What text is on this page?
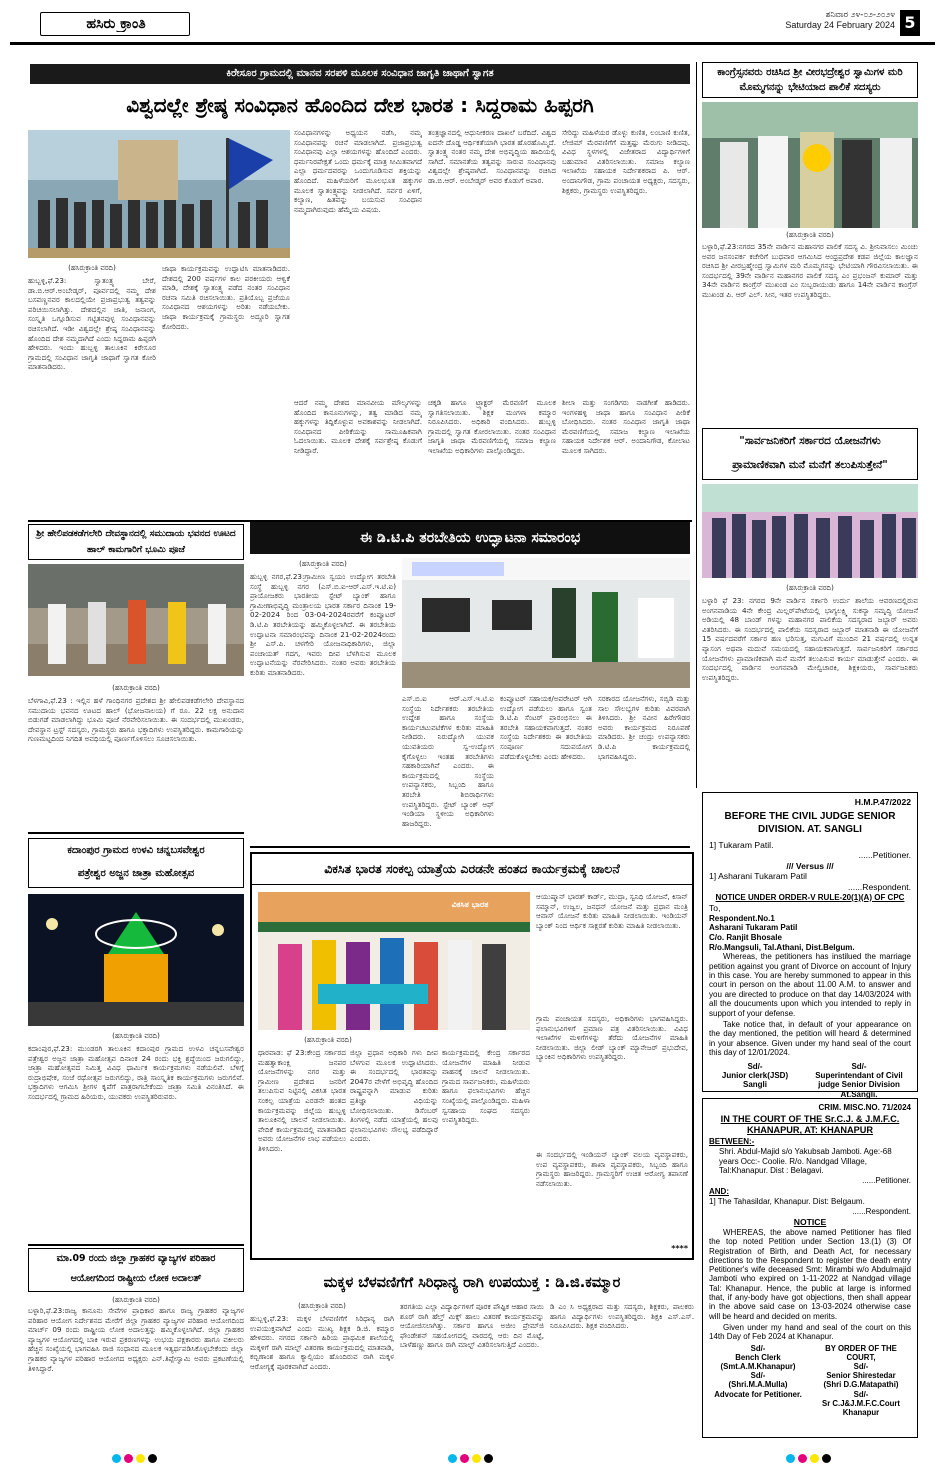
ಹಸಿರು ಕ್ರಾಂತಿ
ಶನಿವಾರ ೨೪-೦೨-೨೦೨೪
Saturday 24 February 2024 5
ಕಿರೇಸೂರ ಗ್ರಾಮದಲ್ಲಿ ಮಾನವ ಸರಪಳಿ ಮೂಲಕ ಸಂವಿಧಾನ ಜಾಗೃತಿ ಜಾಥಾಗೆ ಸ್ವಾಗತ
ವಿಶ್ವದಲ್ಲೇ ಶ್ರೇಷ್ಠ ಸಂವಿಧಾನ ಹೊಂದಿದ ದೇಶ ಭಾರತ : ಸಿದ್ದರಾಮ ಹಿಪ್ಪರಗಿ
ಸಂವಿಧಾನಗಳನ್ನು ಅಧ್ಯಯನ ನಡೆಸಿ, ನಮ್ಮ ಸಂವಿಧಾನವನ್ನು ರಚನೆ ಮಾಡಲಾಗಿದೆ. ಪ್ರಜಾಪ್ರಭುತ್ವ ಸಂವಿಧಾನವು ಎಲ್ಲಾ ಆಶಯಗಳನ್ನು ಹೊಂದಿದೆ ಎಂದರು. ಧರ್ಮನಿರಪೇಕ್ಷತೆ ಒಂದು ಧರ್ಮಕ್ಕೆ ಮಾತ್ರ ಸೀಮಿತವಾಗದೆ ಎಲ್ಲಾ ಧರ್ಮದವರನ್ನು ಒಂದುಗೂಡಿಸುವ ಶಕ್ತಿಯನ್ನು ಹೊಂದಿದೆ. ಮಹಿಳೆಯರಿಗೆ ಮೂಲಭೂತ ಹಕ್ಕುಗಳ ಮೂಲಕ ಸ್ವಾತಂತ್ರ್ಯವನ್ನು ನೀಡಲಾಗಿದೆ. ಸರ್ವರ ಏಳಿಗೆ, ಕಲ್ಯಾಣ, ಹಿತವನ್ನು ಬಯಸುವ ಸಂವಿಧಾನ ನಮ್ಮದಾಗಿರುವುದು ಹೆಮ್ಮೆಯ ವಿಷಯ.
ತಂತ್ರಜ್ಞಾನದಲ್ಲಿ ಆಧುನೀಕರಣ ದಾಖಲೆ ಬರೆದಿದೆ. ವಿಶ್ವದ ಐದನೇ ದೊಡ್ಡ ಆರ್ಥಿಕತೆಯಾಗಿ ಭಾರತ ಹೊರಹೊಮ್ಮಿದೆ. ಸ್ವಾತಂತ್ರ್ಯ ನಂತರ ನಮ್ಮ ದೇಶ ಅಭಿವೃದ್ಧಿಯ ಹಾದಿಯಲ್ಲಿ ಸಾಗಿದೆ. ಸಮಾನತೆಯ ತತ್ವವನ್ನು ಸಾರುವ ಸಂವಿಧಾನವು ವಿಶ್ವದಲ್ಲೇ ಶ್ರೇಷ್ಠವಾಗಿದೆ. ಸಂವಿಧಾನವನ್ನು ರಚಿಸಿದ ಡಾ.ಬಿ.ಆರ್. ಅಂಬೇಡ್ಕರ್ ಅವರ ಕೊಡುಗೆ ಅಪಾರ.
ಸೇರಿದ್ದು ಮಹಿಳೆಯರ ಡೊಳ್ಳು ಕುಣಿತ, ಲಂಬಾಣಿ ಕುಣಿತ, ಲೇಜಿಮ್ ಮೆರವಣಿಗೆಗೆ ಮತ್ತಷ್ಟು ಮೆರುಗು ನೀಡಿದವು. ವಿವಿಧ ಸ್ಥಳಗಳಲ್ಲಿ ವಿಜೇತರಾದ ವಿದ್ಯಾರ್ಥಿಗಳಿಗೆ ಬಹುಮಾನ ವಿತರಿಸಲಾಯಿತು. ಸಮಾಜ ಕಲ್ಯಾಣ ಇಲಾಖೆಯ ಸಹಾಯಕ ನಿರ್ದೇಶಕರಾದ ಪಿ. ಆರ್. ಅಂದಾನಿಗೌಡ, ಗ್ರಾಮ ಪಂಚಾಯತ ಅಧ್ಯಕ್ಷರು, ಸದಸ್ಯರು, ಶಿಕ್ಷಕರು, ಗ್ರಾಮಸ್ಥರು ಉಪಸ್ಥಿತರಿದ್ದರು.
(ಹಸಿರುಕ್ರಾಂತಿ ವರದಿ)
ಹುಬ್ಬಳ್ಳಿ,ಫೆ.23: ಸ್ವಾತಂತ್ರ್ಯ ಬೇರೆ, ಡಾ.ಬಿ.ಆರ್.ಅಂಬೇಡ್ಕರ್, ಪೂರ್ವದಲ್ಲಿ ನಮ್ಮ ದೇಶ ಬಸವಣ್ಣನವರ ಕಾಲದಲ್ಲಿಯೇ ಪ್ರಜಾಪ್ರಭುತ್ವ ತತ್ವವನ್ನು ಪರಿಚಯಿಸಲಾಗಿತ್ತು. ದೇಶದಲ್ಲಿನ ಜಾತಿ, ಜನಾಂಗ, ಸಂಸ್ಕೃತಿ ಒಗ್ಗೂಡಿಸುವ ಗಟ್ಟಿತನವುಳ್ಳ ಸಂವಿಧಾನವನ್ನು ರಚಿಸಲಾಗಿದೆ. ಇಡೀ ವಿಶ್ವದಲ್ಲೇ ಶ್ರೇಷ್ಠ ಸಂವಿಧಾನವನ್ನು ಹೊಂದಿದ ದೇಶ ನಮ್ಮದಾಗಿದೆ ಎಂದು ಸಿದ್ದರಾಮ ಹಿಪ್ಪರಗಿ ಹೇಳಿದರು. ಇಂದು ಹುಬ್ಬಳ್ಳಿ ತಾಲೂಕಿನ ಕಿರೇಸೂರ ಗ್ರಾಮದಲ್ಲಿ ಸಂವಿಧಾನ ಜಾಗೃತಿ ಜಾಥಾಗೆ ಸ್ವಾಗತ ಕೋರಿ ಮಾತನಾಡಿದರು.
ಜಾಥಾ ಕಾರ್ಯಕ್ರಮವನ್ನು ಉದ್ಘಾಟಿಸಿ ಮಾತನಾಡಿದರು. ದೇಶದಲ್ಲಿ 200 ವರ್ಷಗಳ ಕಾಲ ಪರಕೀಯರು ಆಳ್ವಿಕೆ ಮಾಡಿ, ದೇಶಕ್ಕೆ ಸ್ವಾತಂತ್ರ್ಯ ಪಡೆದ ನಂತರ ಸಂವಿಧಾನ ರಚನಾ ಸಮಿತಿ ರಚಿಸಲಾಯಿತು. ಪ್ರತಿಯೊಬ್ಬ ಪ್ರಜೆಯೂ ಸಂವಿಧಾನದ ಆಶಯಗಳನ್ನು ಅರಿತು ನಡೆಯಬೇಕು. ಜಾಥಾ ಕಾರ್ಯಕ್ರಮಕ್ಕೆ ಗ್ರಾಮಸ್ಥರು ಅದ್ದೂರಿ ಸ್ವಾಗತ ಕೋರಿದರು.
ಆದರೆ ನಮ್ಮ ದೇಶದ ಮಾನವೀಯ ಮೌಲ್ಯಗಳನ್ನು ಹೊಂದಿದ ಕಾನೂನುಗಳನ್ನು, ತತ್ವ ಮಾಡಿದ ನಮ್ಮ ಹಕ್ಕುಗಳನ್ನು ತಿದ್ದಿಕೊಳ್ಳುವ ಅವಕಾಶವನ್ನು ನೀಡಲಾಗಿದೆ. ಸಂವಿಧಾನದ ಪೀಠಿಕೆಯನ್ನು ಸಾಮೂಹಿಕವಾಗಿ ಓದಲಾಯಿತು. ಮೂಲಕ ದೇಶಕ್ಕೆ ಸರ್ವಶ್ರೇಷ್ಠ ಕೊಡುಗೆ ನೀಡಿದ್ದಾರೆ.
ಚಕ್ಕಡಿ ಹಾಗೂ ಟ್ರ್ಯಾಕ್ಟರ್ ಮೆರವಣಿಗೆ ಮೂಲಕ ಸ್ವಾಗತಿಸಲಾಯಿತು. ಶಿಕ್ಷಕ ಮಂಗಳಾ ಕಮ್ಮಾರ ನಿರೂಪಿಸಿದರು. ಅಧಿಕಾರಿ ವಂದಿಸಿದರು. ಹುಬ್ಬಳ್ಳಿ ಗ್ರಾಮದಲ್ಲಿ ಸ್ವಾಗತ ಕೋರಲಾಯಿತು. ನಂತರ ಸಂವಿಧಾನ ಜಾಗೃತಿ ಜಾಥಾ ಮೆರವಣಿಗೆಯಲ್ಲಿ ಸಮಾಜ ಕಲ್ಯಾಣ ಇಲಾಖೆಯ ಅಧಿಕಾರಿಗಳು ಪಾಲ್ಗೊಂಡಿದ್ದರು.
ಶೀಲಾ ಮತ್ತು ಸಂಗಡಿಗರು ನಾಡಗೀತೆ ಹಾಡಿದರು. ಇಂಗಳಹಳ್ಳಿ ಜಾಥಾ ಹಾಗೂ ಸಂವಿಧಾನ ಪೀಠಿಕೆ ಬೋಧಿಸಿದರು. ನಂತರ ಸಂವಿಧಾನ ಜಾಗೃತಿ ಜಾಥಾ ಮೆರವಣಿಗೆಯಲ್ಲಿ ಸಮಾಜ ಕಲ್ಯಾಣ ಇಲಾಖೆಯ ಸಹಾಯಕ ನಿರ್ದೇಶಕ ಆರ್. ಅಂದಾನಿಗೌಡ, ಕೋಲಾಟ ಮೂಲಕ ಸಾಗಿದರು.
ಕಾಂಗ್ರೆಸ್ಸನವರು ರಚಿಸಿದ ಶ್ರೀ ವೀರಭದ್ರೇಶ್ವರ ಸ್ವಾಮಿಗಳ ಮರಿ ಮೊಮ್ಮಗನನ್ನು ಭೇಟಿಯಾದ ಪಾಲಿಕೆ ಸದಸ್ಯರು
(ಹಸಿರುಕ್ರಾಂತಿ ವರದಿ)
ಬಳ್ಳಾರಿ,ಫೆ.23:ನಗರದ 35ನೇ ವಾರ್ಡಿನ ಮಹಾನಗರ ಪಾಲಿಕೆ ಸದಸ್ಯ ವಿ. ಶ್ರೀನಿವಾಸಲು ಮಿಂಚು ಅವರ ಜನಸಂಪರ್ಕ ಕಚೇರಿಗೆ ಬುಧವಾರ ಆಗಮಿಸಿದ ಆಂಧ್ರಪ್ರದೇಶ ಕಡಪ ಜಿಲ್ಲೆಯ ಕಾಲಜ್ಞಾನ ರಚಿಸಿದ ಶ್ರೀ ವೀರಬ್ರಹ್ಮೇಂದ್ರ ಸ್ವಾಮಿಗಳ ಮರಿ ಮೊಮ್ಮಗನನ್ನು ಭೇಟಿಯಾಗಿ ಗೌರವಿಸಲಾಯಿತು. ಈ ಸಂದರ್ಭದಲ್ಲಿ 39ನೇ ವಾರ್ಡಿನ ಮಹಾನಗರ ಪಾಲಿಕೆ ಸದಸ್ಯ ಎಂ ಪ್ರಭಂಜನ್ ಕುಮಾರ್ ಮತ್ತು 34ನೇ ವಾರ್ಡಿನ ಕಾಂಗ್ರೆಸ್ ಮುಖಂಡ ಎಂ ಸುಬ್ಬರಾಯುಡು ಹಾಗೂ 14ನೇ ವಾರ್ಡಿನ ಕಾಂಗ್ರೆಸ್ ಮುಖಂಡ ಪಿ. ಆರ್ ಎಲ್. ಸೀನ, ಇತರ ಉಪಸ್ಥಿತರಿದ್ದರು.
"ಸಾರ್ವಜನಿಕರಿಗೆ ಸರ್ಕಾರದ ಯೋಜನೆಗಳು
ಪ್ರಾಮಾಣಿಕವಾಗಿ ಮನೆ ಮನೆಗೆ ತಲುಪಿಸುತ್ತೇನೆ"
(ಹಸಿರುಕ್ರಾಂತಿ ವರದಿ)
ಬಳ್ಳಾರಿ ಫೆ 23: ನಗರದ 9ನೇ ವಾರ್ಡಿನ ಸರ್ಕಾರಿ ಉರ್ದು ಶಾಲೆಯ ಆವರಣದಲ್ಲಿರುವ ಅಂಗನವಾಡಿಯ 4ನೇ ಕೇಂದ್ರ ಮಿಲ್ಲರ್‌ಪೇಟೆಯಲ್ಲಿ ಭಾಗ್ಯಲಕ್ಷ್ಮಿ ಸುಕನ್ಯಾ ಸಮೃದ್ಧಿ ಯೋಜನೆ ಅಡಿಯಲ್ಲಿ 48 ಬಾಂಡ್ ಗಳನ್ನು ಮಹಾನಗರ ಪಾಲಿಕೆಯ ಸದಸ್ಯರಾದ ಜಬ್ಬಾರ್ ಅವರು ವಿತರಿಸಿದರು. ಈ ಸಂದರ್ಭದಲ್ಲಿ ಪಾಲಿಕೆಯ ಸದಸ್ಯರಾದ ಜಬ್ಬಾರ್ ಮಾತನಾಡಿ ಈ ಯೋಜನೆಗೆ 15 ವರ್ಷದವರೆಗೆ ಸರ್ಕಾರ ಹಣ ಭರಿಸುತ್ತ, ಮಗುವಿಗೆ ಮುಂದಿನ 21 ವರ್ಷದಲ್ಲಿ ಉನ್ನತ ವ್ಯಾಸಂಗ ಅಥವಾ ಮದುವೆ ಸಮಯದಲ್ಲಿ ಸಹಾಯಕವಾಗುತ್ತದೆ. ಸಾರ್ವಜನಿಕರಿಗೆ ಸರ್ಕಾರದ ಯೋಜನೆಗಳು ಪ್ರಾಮಾಣಿಕವಾಗಿ ಮನೆ ಮನೆಗೆ ತಲುಪಿಸುವ ಕಾರ್ಯ ಮಾಡುತ್ತೇನೆ ಎಂದರು. ಈ ಸಂದರ್ಭದಲ್ಲಿ ವಾರ್ಡಿನ ಅಂಗನವಾಡಿ ಮೇಲ್ವಿಚಾರಕಿ, ಶಿಕ್ಷಕಿಯರು, ಸಾರ್ವಜನಿಕರು ಉಪಸ್ಥಿತರಿದ್ದರು.
ಶ್ರೀ ಹೇಲಿಪಡಕಡೆಗಲೇರಿ ದೇವಸ್ಥಾನದಲ್ಲಿ ಸಮುದಾಯ ಭವನದ ಊಟದ ಹಾಲ್ ಕಾಮಗಾರಿಗೆ ಭೂಮಿ ಪೂಜೆ
(ಹಸಿರುಕ್ರಾಂತಿ ವರದಿ)
ಬೆಳಗಾವಿ,ಫೆ.23 : ಇಲ್ಲಿನ ಹಳೆ ಗಾಂಧಿನಗರ ಪ್ರದೇಶದ ಶ್ರೀ ಹೇಲಿಪಡಕಡೆಗಲೇರಿ ದೇವಸ್ಥಾನದ ಸಮುದಾಯ ಭವನದ ಊಟದ ಹಾಲ್ (ಭೋಜನಾಲಯ) ಗೆ ರೂ. 22 ಲಕ್ಷ ಅನುದಾನ ಬಿಡುಗಡೆ ಮಾಡಲಾಗಿದ್ದು ಭೂಮಿ ಪೂಜೆ ನೆರವೇರಿಸಲಾಯಿತು. ಈ ಸಂದರ್ಭದಲ್ಲಿ ಮುಖಂಡರು, ದೇವಸ್ಥಾನ ಟ್ರಸ್ಟ್ ಸದಸ್ಯರು, ಗ್ರಾಮಸ್ಥರು ಹಾಗೂ ಭಕ್ತಾದಿಗಳು ಉಪಸ್ಥಿತರಿದ್ದರು. ಕಾಮಗಾರಿಯನ್ನು ಗುಣಮಟ್ಟದಿಂದ ನಿಗದಿತ ಅವಧಿಯಲ್ಲಿ ಪೂರ್ಣಗೊಳಿಸಲು ಸೂಚಿಸಲಾಯಿತು.
ಕದಾಂಪುರ ಗ್ರಾಮದ ಉಳವಿ ಚನ್ನಬಸವೇಶ್ವರ
ಪತ್ರೇಶ್ವರ ಅಜ್ಜನ ಜಾತ್ರಾ ಮಹೋತ್ಸವ
(ಹಸಿರುಕ್ರಾಂತಿ ವರದಿ)
ಕದಾಂಪುರ,ಫೆ.23: ಮುಂಡರಗಿ ತಾಲೂಕಿನ ಕದಾಂಪುರ ಗ್ರಾಮದ ಉಳವಿ ಚನ್ನಬಸವೇಶ್ವರ ಪತ್ರೇಶ್ವರ ಅಜ್ಜನ ಜಾತ್ರಾ ಮಹೋತ್ಸವ ದಿನಾಂಕ 24 ರಂದು ಭಕ್ತಿ ಶ್ರದ್ಧೆಯಿಂದ ಜರುಗಲಿದ್ದು, ಜಾತ್ರಾ ಮಹೋತ್ಸವದ ನಿಮಿತ್ತ ವಿವಿಧ ಧಾರ್ಮಿಕ ಕಾರ್ಯಕ್ರಮಗಳು ನಡೆಯಲಿವೆ. ಬೆಳಿಗ್ಗೆ ರುದ್ರಾಭಿಷೇಕ, ಸಂಜೆ ರಥೋತ್ಸವ ಜರುಗಲಿದ್ದು, ರಾತ್ರಿ ಸಾಂಸ್ಕೃತಿಕ ಕಾರ್ಯಕ್ರಮಗಳು ಜರುಗಲಿವೆ. ಭಕ್ತಾದಿಗಳು ಆಗಮಿಸಿ ಶ್ರೀಗಳ ಕೃಪೆಗೆ ಪಾತ್ರರಾಗಬೇಕೆಂದು ಜಾತ್ರಾ ಸಮಿತಿ ವಿನಂತಿಸಿದೆ. ಈ ಸಂದರ್ಭದಲ್ಲಿ ಗ್ರಾಮದ ಹಿರಿಯರು, ಯುವಕರು ಉಪಸ್ಥಿತರಿರುವರು.
ಮಾ.09 ರಂದು ಜಿಲ್ಲಾ ಗ್ರಾಹಕರ ವ್ಯಾಜ್ಯಗಳ ಪರಿಹಾರ
ಆಯೋಗದಿಂದ ರಾಷ್ಟ್ರೀಯ ಲೋಕ ಅದಾಲತ್
(ಹಸಿರುಕ್ರಾಂತಿ ವರದಿ)
ಬಳ್ಳಾರಿ,ಫೆ.23:ರಾಜ್ಯ ಕಾನೂನು ಸೇವೆಗಳ ಪ್ರಾಧಿಕಾರ ಹಾಗೂ ರಾಜ್ಯ ಗ್ರಾಹಕರ ವ್ಯಾಜ್ಯಗಳ ಪರಿಹಾರ ಆಯೋಗ ನಿರ್ದೇಶನದ ಮೇರೆಗೆ ಜಿಲ್ಲಾ ಗ್ರಾಹಕರ ವ್ಯಾಜ್ಯಗಳ ಪರಿಹಾರ ಆಯೋಗದಿಂದ ಮಾರ್ಚ್ 09 ರಂದು ರಾಷ್ಟ್ರೀಯ ಲೋಕ ಅದಾಲತ್ತನ್ನು ಹಮ್ಮಿಕೊಳ್ಳಲಾಗಿದೆ. ಜಿಲ್ಲಾ ಗ್ರಾಹಕರ ವ್ಯಾಜ್ಯಗಳ ಆಯೋಗದಲ್ಲಿ ಬಾಕಿ ಇರುವ ಪ್ರಕರಣಗಳನ್ನು ಉಭಯ ಪಕ್ಷಕಾರರು ಹಾಗೂ ವಕೀಲರು ಹೆಚ್ಚಿನ ಸಂಖ್ಯೆಯಲ್ಲಿ ಭಾಗವಹಿಸಿ ರಾಜಿ ಸಂಧಾನದ ಮೂಲಕ ಇತ್ಯರ್ಥಪಡಿಸಿಕೊಳ್ಳಬೇಕೆಂದು ಜಿಲ್ಲಾ ಗ್ರಾಹಕರ ವ್ಯಾಜ್ಯಗಳ ಪರಿಹಾರ ಆಯೋಗದ ಅಧ್ಯಕ್ಷರು ಎನ್.ತಿಪ್ಪೇಸ್ವಾಮಿ ಅವರು ಪ್ರಕಟಣೆಯಲ್ಲಿ ತಿಳಿಸಿದ್ದಾರೆ.
ಈ ಡಿ.ಟಿ.ಪಿ ತರಬೇತಿಯ ಉದ್ಘಾಟನಾ ಸಮಾರಂಭ
(ಹಸಿರುಕ್ರಾಂತಿ ವರದಿ)
ಹುಬ್ಬಳ್ಳಿ ನಗರ,ಫೆ.23:ಗ್ರಾಮೀಣ ಸ್ವಯಂ ಉದ್ಯೋಗ ತರಬೇತಿ ಸಂಸ್ಥೆ ಹುಬ್ಬಳ್ಳಿ ನಗರ (ಎಸ್.ಬಿ.ಐ-ಆರ್.ಎಸ್.ಇ.ಟಿ.ಐ) ಪ್ರಾಯೋಜಕರು ಭಾರತೀಯ ಸ್ಟೇಟ್ ಬ್ಯಾಂಕ್ ಹಾಗೂ ಗ್ರಾಮೀಣಾಭಿವೃದ್ಧಿ ಮಂತ್ರಾಲಯ ಭಾರತ ಸರ್ಕಾರ ದಿನಾಂಕ 19-02-2024 ರಿಂದ 03-04-2024ರವರೆಗೆ ಕಂಪ್ಯೂಟರ್ ಡಿ.ಟಿ.ಪಿ ತರಬೇತಿಯನ್ನು ಹಮ್ಮಿಕೊಳ್ಳಲಾಗಿದೆ. ಈ ತರಬೇತಿಯ ಉದ್ಘಾಟನಾ ಸಮಾರಂಭವನ್ನು ದಿನಾಂಕ 21-02-2024ರಂದು ಶ್ರೀ ಎಸ್.ಪಿ. ಚಳಗೇರಿ ಯೋಜನಾಧಿಕಾರಿಗಳು, ಜಿಲ್ಲಾ ಪಂಚಾಯತ್ ಗದಗ, ಇವರು ದೀಪ ಬೆಳಗಿಸುವ ಮೂಲಕ ಉದ್ಘಾಟನೆಯನ್ನು ನೆರವೇರಿಸಿದರು. ನಂತರ ಅವರು ತರಬೇತಿಯ ಕುರಿತು ಮಾತನಾಡಿದರು.
ಎಸ್.ಬಿ.ಐ ಆರ್.ಎಸ್.ಇ.ಟಿ.ಐ ಸಂಸ್ಥೆಯ ನಿರ್ದೇಶಕರು ತರಬೇತಿಯ ಉದ್ದೇಶ ಹಾಗೂ ಸಂಸ್ಥೆಯ ಕಾರ್ಯಚಟುವಟಿಕೆಗಳ ಕುರಿತು ಮಾಹಿತಿ ನೀಡಿದರು. ನಿರುದ್ಯೋಗಿ ಯುವಕ ಯುವತಿಯರು ಸ್ವ-ಉದ್ಯೋಗ ಕೈಗೊಳ್ಳಲು ಇಂತಹ ತರಬೇತಿಗಳು ಸಹಕಾರಿಯಾಗಿವೆ ಎಂದರು. ಈ ಕಾರ್ಯಕ್ರಮದಲ್ಲಿ ಸಂಸ್ಥೆಯ ಉಪನ್ಯಾಸಕರು, ಸಿಬ್ಬಂದಿ ಹಾಗೂ ತರಬೇತಿ ಶಿಬಿರಾರ್ಥಿಗಳು ಉಪಸ್ಥಿತರಿದ್ದರು. ಸ್ಟೇಟ್ ಬ್ಯಾಂಕ್ ಆಫ್ ಇಂಡಿಯಾ ಸ್ಥಳೀಯ ಅಧಿಕಾರಿಗಳು ಹಾಜರಿದ್ದರು.
ಕಂಪ್ಯೂಟರ್ ಸಹಾಯಕ/ಅಪರೇಟರ್ ಆಗಿ ಉದ್ಯೋಗ ಪಡೆಯಲು ಹಾಗೂ ಸ್ವಂತ ಡಿ.ಟಿ.ಪಿ ಸೆಂಟರ್ ಪ್ರಾರಂಭಿಸಲು ಈ ತರಬೇತಿ ಸಹಾಯಕವಾಗುತ್ತದೆ. ನಂತರ ಸಂಸ್ಥೆಯ ನಿರ್ದೇಶಕರು ಈ ತರಬೇತಿಯ ಸಂಪೂರ್ಣ ಸದುಪಯೋಗ ಪಡೆದುಕೊಳ್ಳಬೇಕು ಎಂದು ಹೇಳಿದರು.
ಸರಕಾರದ ಯೋಜನೆಗಳು, ಸಬ್ಸಿಡಿ ಮತ್ತು ಸಾಲ ಸೌಲಭ್ಯಗಳ ಕುರಿತು ವಿವರವಾಗಿ ತಿಳಿಸಿದರು. ಶ್ರೀ ನವೀನ ಹಿರೇಗೌಡರ ಅವರು ಕಾರ್ಯಕ್ರಮದ ನಿರೂಪಣೆ ಮಾಡಿದರು. ಶ್ರೀ ಚಂದ್ರು ಉಪನ್ಯಾಸಕರು ಡಿ.ಟಿ.ಪಿ ಕಾರ್ಯಕ್ರಮದಲ್ಲಿ ಭಾಗವಹಿಸಿದ್ದರು.
ವಿಕಸಿತ ಭಾರತ ಸಂಕಲ್ಪ ಯಾತ್ರೆಯ ಎರಡನೇ ಹಂತದ ಕಾರ್ಯಕ್ರಮಕ್ಕೆ ಚಾಲನೆ
ವಿಕಸಿತ ಭಾರತ
ಆಯುಷ್ಮಾನ್ ಭಾರತ್ ಕಾರ್ಡ್, ಮುದ್ರಾ, ಸ್ವನಿಧಿ ಯೋಜನೆ, ಕಿಸಾನ್ ಸಮ್ಮಾನ್, ಉಜ್ವಲ, ಜನಧನ್ ಯೋಜನೆ ಮತ್ತು ಪ್ರಧಾನ ಮಂತ್ರಿ ಆವಾಸ್ ಯೋಜನೆ ಕುರಿತು ಮಾಹಿತಿ ನೀಡಲಾಯಿತು. ಇಂಡಿಯನ್ ಬ್ಯಾಂಕ್ ನಿಂದ ಆರ್ಥಿಕ ಸಾಕ್ಷರತೆ ಕುರಿತು ಮಾಹಿತಿ ನೀಡಲಾಯಿತು.
ಗ್ರಾಮ ಪಂಚಾಯತ ಸದಸ್ಯರು, ಅಧಿಕಾರಿಗಳು ಭಾಗವಹಿಸಿದ್ದರು. ಫಲಾನುಭವಿಗಳಿಗೆ ಪ್ರಮಾಣ ಪತ್ರ ವಿತರಿಸಲಾಯಿತು. ವಿವಿಧ ಇಲಾಖೆಗಳ ಮಳಿಗೆಗಳನ್ನು ತೆರೆದು ಯೋಜನೆಗಳ ಮಾಹಿತಿ ನೀಡಲಾಯಿತು. ಜಿಲ್ಲಾ ಲೀಡ್ ಬ್ಯಾಂಕ್ ಮ್ಯಾನೇಜರ್ ಪ್ರಭುದೇವ, ಬ್ಯಾಂಕಿನ ಅಧಿಕಾರಿಗಳು ಉಪಸ್ಥಿತರಿದ್ದರು.
(ಹಸಿರುಕ್ರಾಂತಿ ವರದಿ)
ಧಾರವಾಡ: ಫೆ 23:ಕೇಂದ್ರ ಸರ್ಕಾರದ ಮಹತ್ವಾಕಾಂಕ್ಷಿ ಜನಪರ ಯೋಜನೆಗಳನ್ನು ನಗರ ಮತ್ತು ಗ್ರಾಮೀಣ ಪ್ರದೇಶದ ಜನರಿಗೆ ತಲುಪಿಸುವ ನಿಟ್ಟಿನಲ್ಲಿ ವಿಕಸಿತ ಭಾರತ ಸಂಕಲ್ಪ ಯಾತ್ರೆಯ ಎರಡನೇ ಹಂತದ ಕಾರ್ಯಕ್ರಮವನ್ನು ಜಿಲ್ಲೆಯ ಹುಬ್ಬಳ್ಳಿ ತಾಲೂಕಿನಲ್ಲಿ ಚಾಲನೆ ನೀಡಲಾಯಿತು. ವೇದಿಕೆ ಕಾರ್ಯಕ್ರಮದಲ್ಲಿ ಮಾತನಾಡಿದ ಅವರು ಯೋಜನೆಗಳ ಲಾಭ ಪಡೆಯಲು ತಿಳಿಸಿದರು.
ಜಿಲ್ಲಾ ಪ್ರಧಾನ ಅಧಿಕಾರಿ ಗಳು ದೀಪ ಬೆಳಗುವ ಮೂಲಕ ಉದ್ಘಾಟಿಸಿದರು. ಈ ಸಂದರ್ಭದಲ್ಲಿ ಭಾರತವನ್ನು 2047ರ ವೇಳೆಗೆ ಅಭಿವೃದ್ಧಿ ಹೊಂದಿದ ರಾಷ್ಟ್ರವನ್ನಾಗಿ ಮಾಡುವ ಕುರಿತು ಪ್ರತಿಜ್ಞಾ ವಿಧಿಯನ್ನು ಬೋಧಿಸಲಾಯಿತು. ಡಿಸೆಂಬರ್ ತಿಂಗಳಲ್ಲಿ ನಡೆದ ಯಾತ್ರೆಯಲ್ಲಿ ಹಲವು ಫಲಾನುಭವಿಗಳು ಸೌಲಭ್ಯ ಪಡೆದಿದ್ದಾರೆ ಎಂದರು.
ಕಾರ್ಯಕ್ರಮದಲ್ಲಿ ಕೇಂದ್ರ ಸರ್ಕಾರದ ಯೋಜನೆಗಳ ಮಾಹಿತಿ ನೀಡುವ ವಾಹನಕ್ಕೆ ಚಾಲನೆ ನೀಡಲಾಯಿತು. ಗ್ರಾಮದ ಸಾರ್ವಜನಿಕರು, ಮಹಿಳೆಯರು ಹಾಗೂ ಫಲಾನುಭವಿಗಳು ಹೆಚ್ಚಿನ ಸಂಖ್ಯೆಯಲ್ಲಿ ಪಾಲ್ಗೊಂಡಿದ್ದರು. ಮಹಿಳಾ ಸ್ವಸಹಾಯ ಸಂಘದ ಸದಸ್ಯರು ಉಪಸ್ಥಿತರಿದ್ದರು.
ಈ ಸಂದರ್ಭದಲ್ಲಿ ಇಂಡಿಯನ್ ಬ್ಯಾಂಕ್ ವಲಯ ವ್ಯವಸ್ಥಾಪಕರು, ಉಪ ವ್ಯವಸ್ಥಾಪಕರು, ಶಾಖಾ ವ್ಯವಸ್ಥಾಪಕರು, ಸಿಬ್ಬಂದಿ ಹಾಗೂ ಗ್ರಾಮಸ್ಥರು ಹಾಜರಿದ್ದರು. ಗ್ರಾಮಸ್ಥರಿಗೆ ಉಚಿತ ಆರೋಗ್ಯ ತಪಾಸಣೆ ನಡೆಸಲಾಯಿತು.
****
ಮಕ್ಕಳ ಬೆಳವಣಿಗೆಗೆ ಸಿರಿಧಾನ್ಯ ರಾಗಿ ಉಪಯುಕ್ತ : ಡಿ.ಜಿ.ಕಮ್ಮಾರ
(ಹಸಿರುಕ್ರಾಂತಿ ವರದಿ)
ಹುಬ್ಬಳ್ಳಿ,ಫೆ.23: ಮಕ್ಕಳ ಬೆಳವಣಿಗೆಗೆ ಸಿರಿಧಾನ್ಯ ರಾಗಿ ಉಪಯುಕ್ತವಾಗಿದೆ ಎಂದು ಮುಖ್ಯ ಶಿಕ್ಷಕ ಡಿ.ಜಿ. ಕಮ್ಮಾರ ಹೇಳಿದರು. ನಗರದ ಸರ್ಕಾರಿ ಹಿರಿಯ ಪ್ರಾಥಮಿಕ ಶಾಲೆಯಲ್ಲಿ ಮಕ್ಕಳಿಗೆ ರಾಗಿ ಮಾಲ್ಟ್ ವಿತರಣಾ ಕಾರ್ಯಕ್ರಮದಲ್ಲಿ ಮಾತನಾಡಿ, ಕಬ್ಬಿಣಾಂಶ ಹಾಗೂ ಕ್ಯಾಲ್ಸಿಯಂ ಹೊಂದಿರುವ ರಾಗಿ ಮಕ್ಕಳ ಆರೋಗ್ಯಕ್ಕೆ ಪೂರಕವಾಗಿದೆ ಎಂದರು.
ತರಗತಿಯ ಎಲ್ಲಾ ವಿದ್ಯಾರ್ಥಿಗಳಿಗೆ ಪೂರಕ ಪೌಷ್ಟಿಕ ಆಹಾರ ಸಾಯಿ ಶೂರ್ ರಾಗಿ ಹೆಲ್ತ್ ಮಿಕ್ಸ್ ಹಾಲು ವಿತರಣೆ ಕಾರ್ಯಕ್ರಮವನ್ನು ಆಯೋಜಿಸಲಾಗಿತ್ತು. ಸರ್ಕಾರ ಹಾಗೂ ಅಜೀಂ ಪ್ರೇಮ್‌ಜಿ ಫೌಂಡೇಶನ್ ಸಹಯೋಗದಲ್ಲಿ ವಾರದಲ್ಲಿ ಆರು ದಿನ ಮೊಟ್ಟೆ, ಬಾಳೆಹಣ್ಣು ಹಾಗೂ ರಾಗಿ ಮಾಲ್ಟ್ ವಿತರಿಸಲಾಗುತ್ತಿದೆ ಎಂದರು.
ಡಿ ಎಂ ಸಿ ಅಧ್ಯಕ್ಷರಾದ ಮತ್ತು ಸದಸ್ಯರು, ಶಿಕ್ಷಕರು, ಪಾಲಕರು ಹಾಗೂ ವಿದ್ಯಾರ್ಥಿಗಳು ಉಪಸ್ಥಿತರಿದ್ದರು. ಶಿಕ್ಷಕಿ ಎಸ್.ಎಸ್. ನಿರೂಪಿಸಿದರು. ಶಿಕ್ಷಕ ವಂದಿಸಿದರು.
H.M.P.47/2022
BEFORE THE CIVIL JUDGE SENIOR DIVISION. AT. SANGLI
1] Tukaram Patil.
......Petitioner.
/// Versus ///
1] Asharani Tukaram Patil
......Respondent.
NOTICE UNDER ORDER-V RULE-20(1)(A) OF CPC
To,
Respondent.No.1
Asharani Tukaram Patil
C/o. Ranjit Bhosale
R/o.Mangsuli, Tal.Athani, Dist.Belgum.
Whereas, the petitioners has instilued the marriage petition against you grant of Divorce on account of Injury in this case. You are hereby summoned to appear in this court in person on the about 11.00 A.M. to answer and you are directed to produce on that day 14/03/2024 with all the doucuments upon which you intended to reply in support of your defense.
Take notice that, in default of your appearance on the day mentioned, the petition will heard & determined in your absence. Given under my hand seal of the court this day of 12/01/2024.
Sd/-
Junior clerk(JSD) Sangli
Sd/-
Superintendant of Civil judge Senior Division At.Sangli.
CRIM. MISC.NO. 71/2024
IN THE COURT OF THE Sr.C.J. & J.M.F.C. KHANAPUR, AT: KHANAPUR
BETWEEN:-
Shri. Abdul-Majid s/o Yakubsab Jamboti. Age:-68 years Occ:- Coolie. R/o. Nandgad Village, Tal:Khanapur. Dist : Belagavi.
......Petitioner.
AND:
1] The Tahasildar, Khanapur. Dist: Belgaum.
......Respondent.
NOTICE
WHEREAS, the above named Petitioner has filed the top noted Petition under Section 13.(1) (3) Of Registration of Birth, and Death Act, for necessary directions to the Respondent to register the death entry Petitioner's wife deceased Smt: Mirambi w/o Abdulmajid Jamboti who expired on 1-11-2022 at Nandgad village Tal: Khanapur. Hence, the public at large is informed that, if any-body have got objections, then shall appear in the above said case on 13-03-2024 otherwise case will be heard and decided on merits.
Given under my hand and seal of the court on this 14th Day of Feb 2024 at Khanapur.
Sd/-
Bench Clerk
(Smt.A.M.Khanapur)
Sd/-
(Shri.M.A.Mulla)
Advocate for Petitioner.
BY ORDER OF THE COURT,
Sd/-
Senior Shirestedar
(Shri D.G.Matapathi)
Sd/-
Sr C.J&J.M.F.C.Court
Khanapur
